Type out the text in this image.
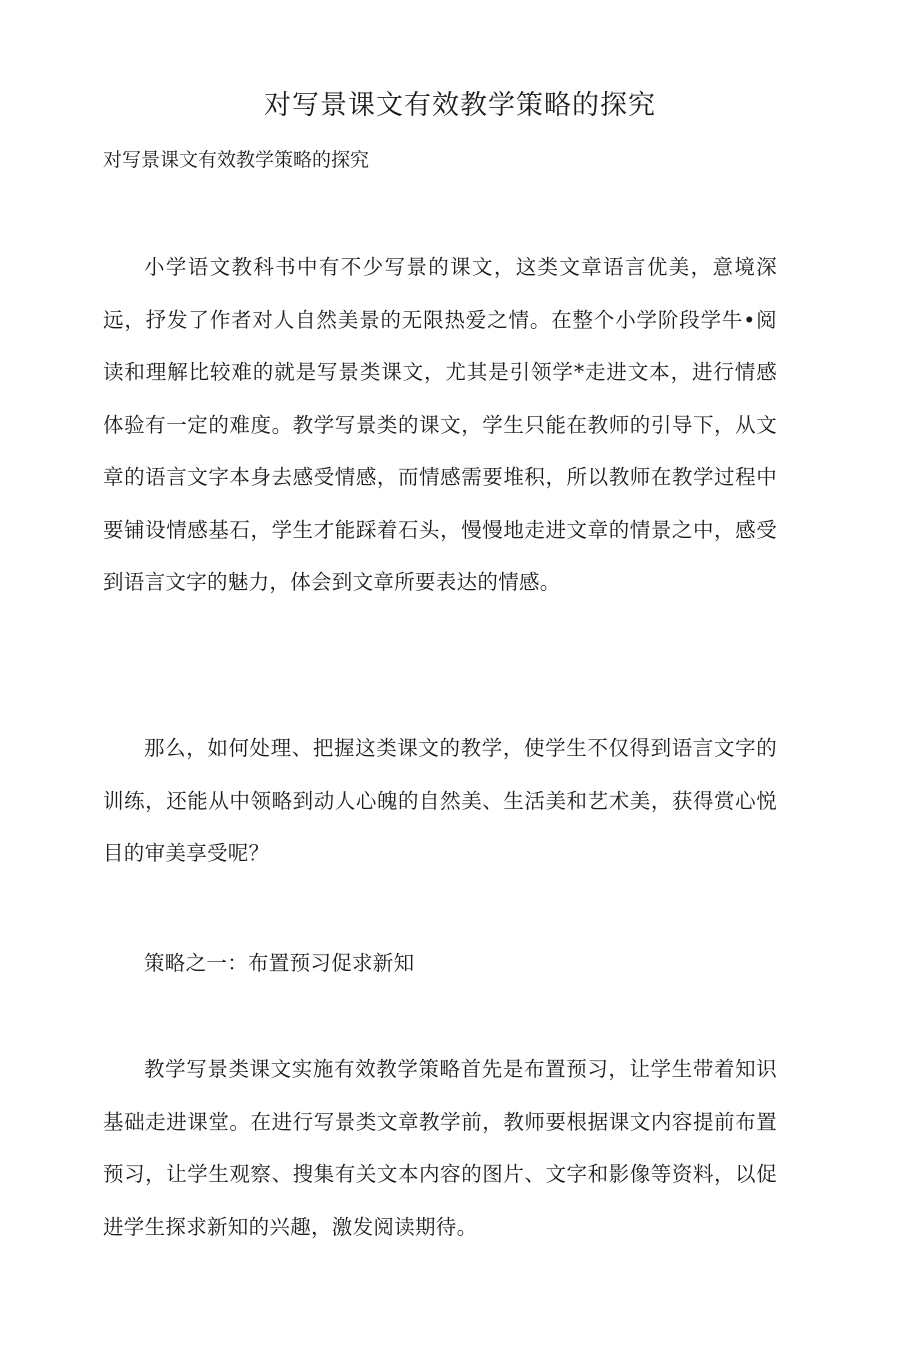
对写景课文有效教学策略的探究

对写景课文有效教学策略的探究

小学语文教科书中有不少写景的课文，这类文章语言优美，意境深远，抒发了作者对人自然美景的无限热爱之情。在整个小学阶段学牛•阅读和理解比较难的就是写景类课文，尤其是引领学*走进文本，进行情感体验有一定的难度。教学写景类的课文，学生只能在教师的引导下，从文章的语言文字本身去感受情感，而情感需要堆积，所以教师在教学过程中要铺设情感基石，学生才能踩着石头，慢慢地走进文章的情景之中，感受到语言文字的魅力，体会到文章所要表达的情感。

那么，如何处理、把握这类课文的教学，使学生不仅得到语言文字的训练，还能从中领略到动人心魄的自然美、生活美和艺术美，获得赏心悦目的审美享受呢？

策略之一：布置预习促求新知

教学写景类课文实施有效教学策略首先是布置预习，让学生带着知识基础走进课堂。在进行写景类文章教学前，教师要根据课文内容提前布置预习，让学生观察、搜集有关文本内容的图片、文字和影像等资料，以促进学生探求新知的兴趣，激发阅读期待。
